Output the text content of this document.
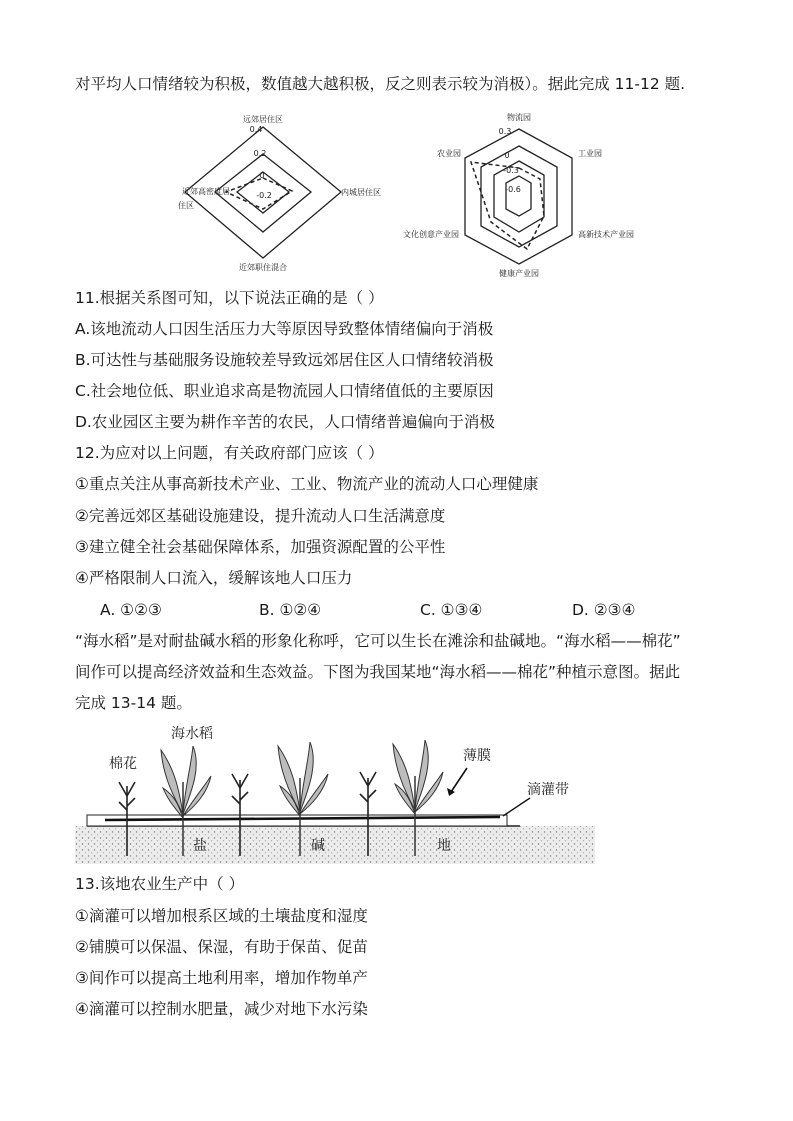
对平均人口情绪较为积极，数值越大越积极，反之则表示较为消极）。据此完成 11-12 题.
远郊居住区
内城居住区
近郊职住混合
近郊高密度居
住区
0.4
0.2
0
-0.2
物流园
工业园
高新技术产业园
健康产业园
文化创意产业园
农业园
0.3
0
-0.3
-0.6
11.根据关系图可知，以下说法正确的是（ ）
A.该地流动人口因生活压力大等原因导致整体情绪偏向于消极
B.可达性与基础服务设施较差导致远郊居住区人口情绪较消极
C.社会地位低、职业追求高是物流园人口情绪值低的主要原因
D.农业园区主要为耕作辛苦的农民，人口情绪普遍偏向于消极
12.为应对以上问题，有关政府部门应该（ ）
①重点关注从事高新技术产业、工业、物流产业的流动人口心理健康
②完善远郊区基础设施建设，提升流动人口生活满意度
③建立健全社会基础保障体系，加强资源配置的公平性
④严格限制人口流入，缓解该地人口压力
A. ①②③	B. ①②④	C. ①③④	D. ②③④
“海水稻”是对耐盐碱水稻的形象化称呼，它可以生长在滩涂和盐碱地。“海水稻——棉花”
间作可以提高经济效益和生态效益。下图为我国某地“海水稻——棉花”种植示意图。据此
完成 13-14 题。
海水稻
棉花	薄膜
滴灌带
盐	碱	地
13.该地农业生产中（ ）
①滴灌可以增加根系区域的土壤盐度和湿度
②铺膜可以保温、保湿，有助于保苗、促苗
③间作可以提高土地利用率，增加作物单产
④滴灌可以控制水肥量，减少对地下水污染
